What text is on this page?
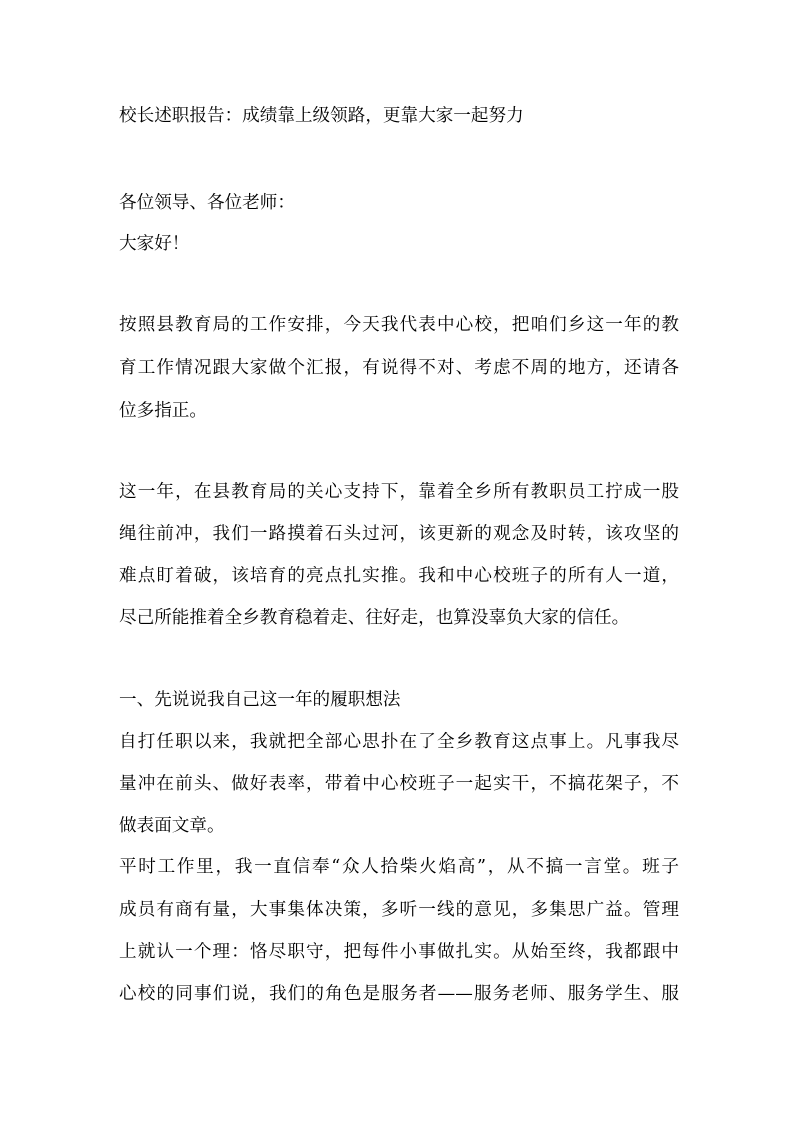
校长述职报告：成绩靠上级领路，更靠大家一起努力
各位领导、各位老师：
大家好！
按照县教育局的工作安排，今天我代表中心校，把咱们乡这一年的教
育工作情况跟大家做个汇报，有说得不对、考虑不周的地方，还请各
位多指正。
这一年，在县教育局的关心支持下，靠着全乡所有教职员工拧成一股
绳往前冲，我们一路摸着石头过河，该更新的观念及时转，该攻坚的
难点盯着破，该培育的亮点扎实推。我和中心校班子的所有人一道，
尽己所能推着全乡教育稳着走、往好走，也算没辜负大家的信任。
一、先说说我自己这一年的履职想法
自打任职以来，我就把全部心思扑在了全乡教育这点事上。凡事我尽
量冲在前头、做好表率，带着中心校班子一起实干，不搞花架子，不
做表面文章。
平时工作里，我一直信奉“众人拾柴火焰高”，从不搞一言堂。班子
成员有商有量，大事集体决策，多听一线的意见，多集思广益。管理
上就认一个理：恪尽职守，把每件小事做扎实。从始至终，我都跟中
心校的同事们说，我们的角色是服务者——服务老师、服务学生、服
